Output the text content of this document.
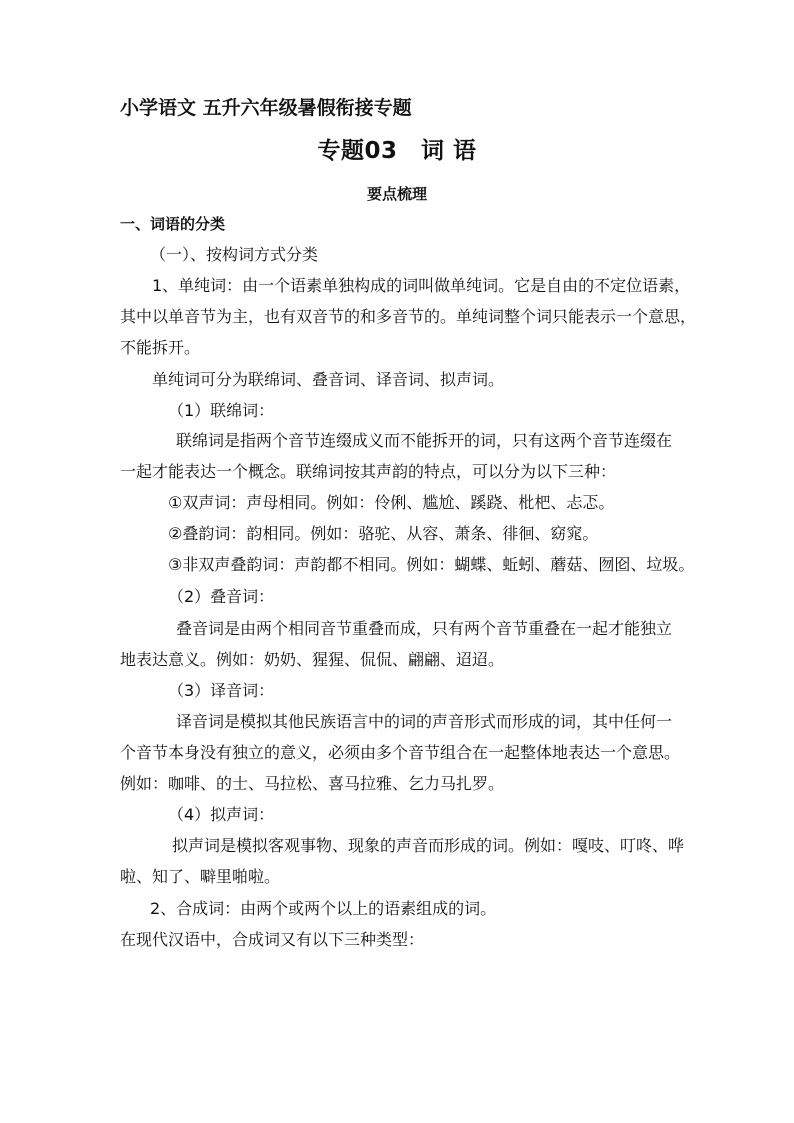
小学语文 五升六年级暑假衔接专题
专题03　词 语
要点梳理
一、词语的分类
（一）、按构词方式分类
1、单纯词：由一个语素单独构成的词叫做单纯词。它是自由的不定位语素，
其中以单音节为主，也有双音节的和多音节的。单纯词整个词只能表示一个意思，
不能拆开。
单纯词可分为联绵词、叠音词、译音词、拟声词。
（1）联绵词：
联绵词是指两个音节连缀成义而不能拆开的词，只有这两个音节连缀在
一起才能表达一个概念。联绵词按其声韵的特点，可以分为以下三种：
①双声词：声母相同。例如：伶俐、尴尬、蹊跷、枇杷、忐忑。
②叠韵词：韵相同。例如：骆驼、从容、萧条、徘徊、窈窕。
③非双声叠韵词：声韵都不相同。例如：蝴蝶、蚯蚓、蘑菇、囫囵、垃圾。
（2）叠音词：
叠音词是由两个相同音节重叠而成，只有两个音节重叠在一起才能独立
地表达意义。例如：奶奶、猩猩、侃侃、翩翩、迢迢。
（3）译音词：
译音词是模拟其他民族语言中的词的声音形式而形成的词，其中任何一
个音节本身没有独立的意义，必须由多个音节组合在一起整体地表达一个意思。
例如：咖啡、的士、马拉松、喜马拉雅、乞力马扎罗。
（4）拟声词：
拟声词是模拟客观事物、现象的声音而形成的词。例如：嘎吱、叮咚、哗
啦、知了、噼里啪啦。
2、合成词：由两个或两个以上的语素组成的词。
在现代汉语中，合成词又有以下三种类型：
